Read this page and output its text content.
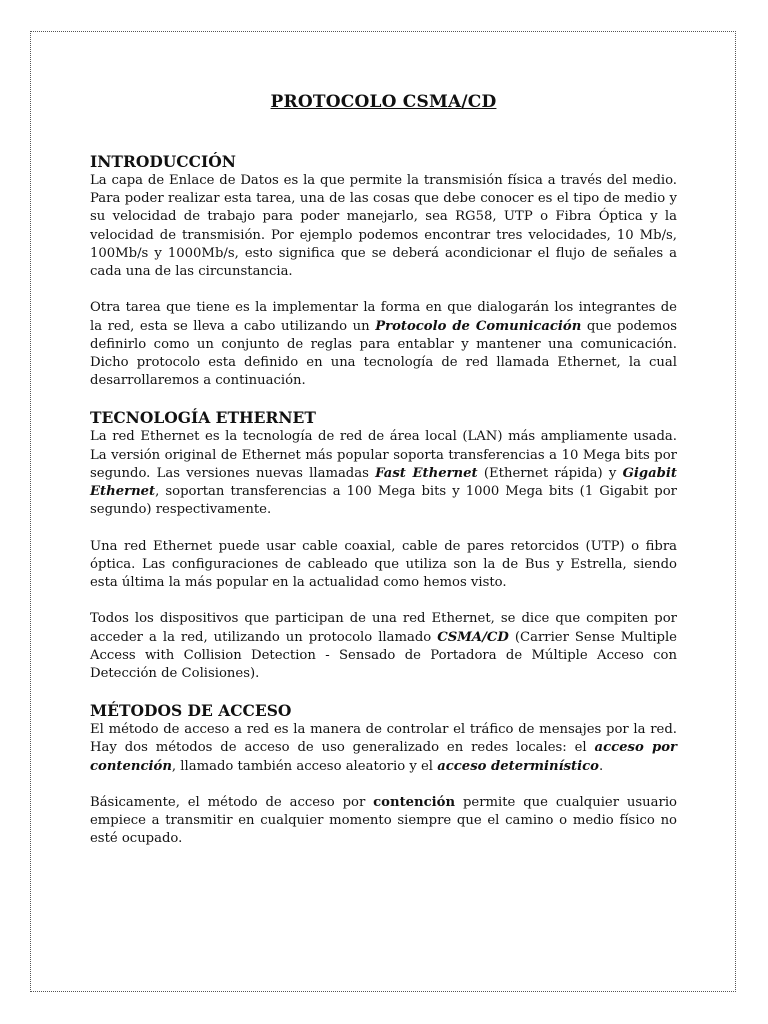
PROTOCOLO CSMA/CD
INTRODUCCIÓN

La capa de Enlace de Datos es la que permite la transmisión física a través del medio. Para poder realizar esta tarea, una de las cosas que debe conocer es el tipo de medio y su velocidad de trabajo para poder manejarlo, sea RG58, UTP o Fibra Óptica y la velocidad de transmisión. Por ejemplo podemos encontrar tres velocidades, 10 Mb/s, 100Mb/s y 1000Mb/s, esto significa que se deberá acondicionar el flujo de señales a cada una de las circunstancia.

Otra tarea que tiene es la implementar la forma en que dialogarán los integrantes de la red, esta se lleva a cabo utilizando un Protocolo de Comunicación que podemos definirlo como un conjunto de reglas para entablar y mantener una comunicación. Dicho protocolo esta definido en una tecnología de red llamada Ethernet, la cual desarrollaremos a continuación.

TECNOLOGÍA ETHERNET

La red Ethernet es la tecnología de red de área local (LAN) más ampliamente usada. La versión original de Ethernet más popular soporta transferencias a 10 Mega bits por segundo. Las versiones nuevas llamadas Fast Ethernet (Ethernet rápida) y Gigabit Ethernet, soportan transferencias a 100 Mega bits y 1000 Mega bits (1 Gigabit por segundo) respectivamente.

Una red Ethernet puede usar cable coaxial, cable de pares retorcidos (UTP) o fibra óptica. Las configuraciones de cableado que utiliza son la de Bus y Estrella, siendo esta última la más popular en la actualidad como hemos visto.

Todos los dispositivos que participan de una red Ethernet, se dice que compiten por acceder a la red, utilizando un protocolo llamado CSMA/CD (Carrier Sense Multiple Access with Collision Detection - Sensado de Portadora de Múltiple Acceso con Detección de Colisiones).

MÉTODOS DE ACCESO

El método de acceso a red es la manera de controlar el tráfico de mensajes por la red. Hay dos métodos de acceso de uso generalizado en redes locales: el acceso por contención, llamado también acceso aleatorio y el acceso determinístico.

Básicamente, el método de acceso por contención permite que cualquier usuario empiece a transmitir en cualquier momento siempre que el camino o medio físico no esté ocupado.
